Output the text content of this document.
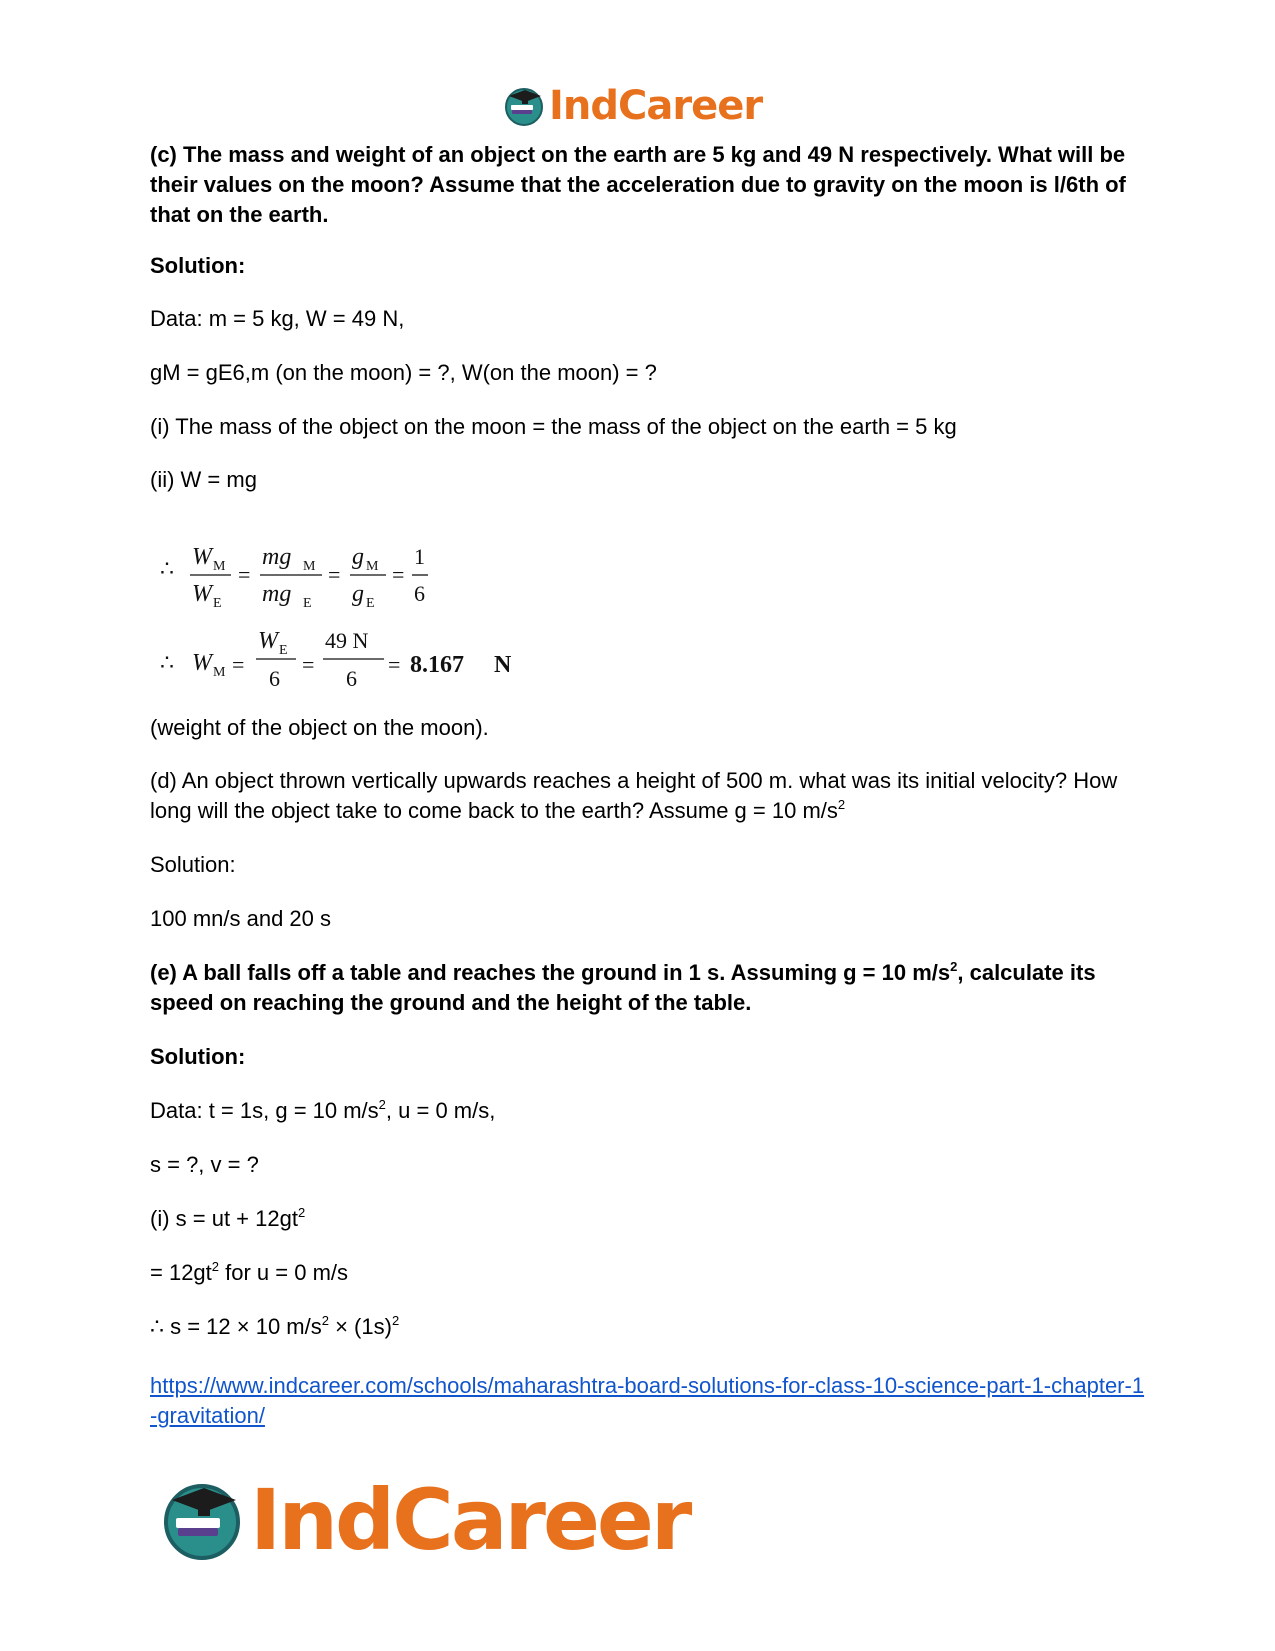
IndCareer

(c) The mass and weight of an object on the earth are 5 kg and 49 N respectively. What will be their values on the moon? Assume that the acceleration due to gravity on the moon is l/6th of that on the earth.

Solution:

Data: m = 5 kg, W = 49 N,

gM = gE6,m (on the moon) = ?, W(on the moon) = ?

(i) The mass of the object on the moon = the mass of the object on the earth = 5 kg

(ii) W = mg

∴ W M
W E
=
mg M
mg E
=
g M
g E
=
1
6
∴ W M =
W E
6
=
49 N
6
= 8.167 N

(weight of the object on the moon).

(d) An object thrown vertically upwards reaches a height of 500 m. what was its initial velocity? How long will the object take to come back to the earth? Assume g = 10 $m/s^2$

Solution:

100 mn/s and 20 s

(e) A ball falls off a table and reaches the ground in 1 s. Assuming g = 10 $m/s^2$, calculate its speed on reaching the ground and the height of the table.

Solution:

Data: t = 1s, g = 10 $m/s^2$, u = 0 m/s,

s = ?, v = ?

(i) s = ut + $12gt^2$

= $12gt^2$ for u = 0 m/s

∴ s = 12 × 10 $m/s^2 \times (1s)^2$

https://www.indcareer.com/schools/maharashtra-board-solutions-for-class-10-science-part-1-chapter-1-gravitation/

IndCareer
